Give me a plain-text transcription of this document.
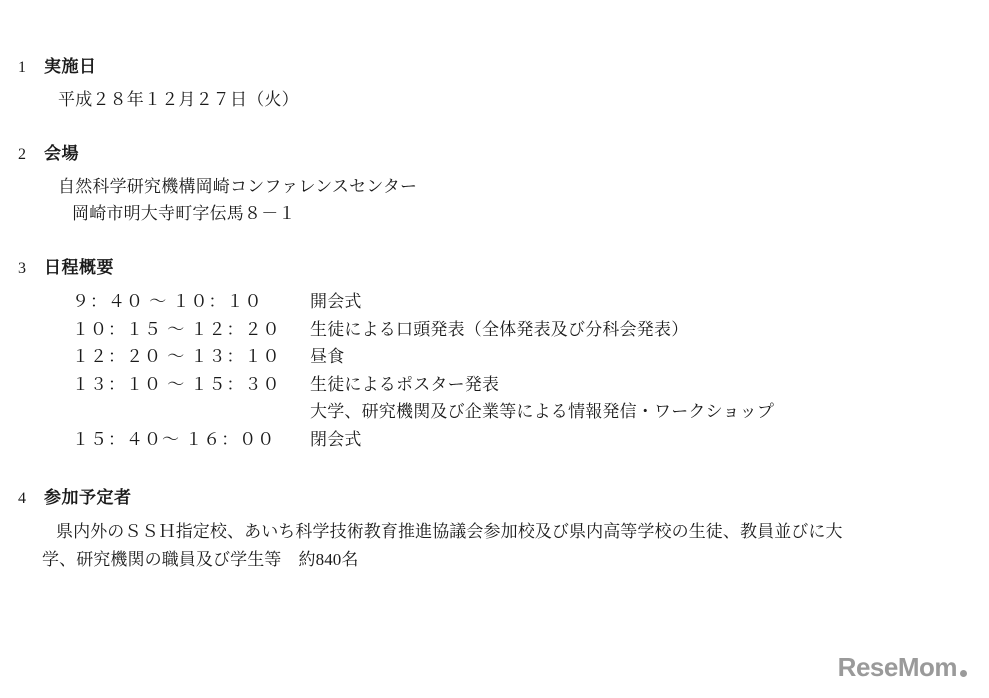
1	実施日
平成２８年１２月２７日（火）
2	会場
自然科学研究機構岡崎コンファレンスセンター
岡崎市明大寺町字伝馬８－１
3	日程概要
９：４０ ～ １０：１０	開会式
１０：１５ ～ １２：２０	生徒による口頭発表（全体発表及び分科会発表）
１２：２０ ～ １３：１０	昼食
１３：１０ ～ １５：３０	生徒によるポスター発表
大学、研究機関及び企業等による情報発信・ワークショップ
１５：４０～ １６：００	閉会式
4	参加予定者
県内外のＳＳＨ指定校、あいち科学技術教育推進協議会参加校及び県内高等学校の生徒、教員並びに大
学、研究機関の職員及び学生等　約840名
ReseMom
